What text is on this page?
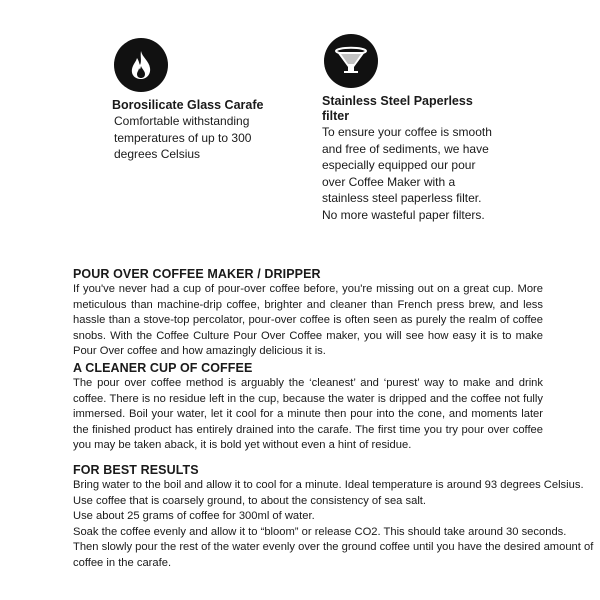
Borosilicate Glass Carafe
Comfortable withstanding temperatures of up to 300 degrees Celsius
Stainless Steel Paperless filter
To ensure your coffee is smooth and free of sediments, we have especially equipped our pour over Coffee Maker with a stainless steel paperless filter. No more wasteful paper filters.
POUR OVER COFFEE MAKER / DRIPPER

If you've never had a cup of pour-over coffee before, you're missing out on a great cup. More meticulous than machine-drip coffee, brighter and cleaner than French press brew, and less hassle than a stove-top percolator, pour-over coffee is often seen as purely the realm of coffee snobs. With the Coffee Culture Pour Over Coffee maker, you will see how easy it is to make Pour Over coffee and how amazingly delicious it is.

A CLEANER CUP OF COFFEE

The pour over coffee method is arguably the ‘cleanest’ and ‘purest’ way to make and drink coffee. There is no residue left in the cup, because the water is dripped and the coffee not fully immersed. Boil your water, let it cool for a minute then pour into the cone, and moments later the finished product has entirely drained into the carafe. The first time you try pour over coffee you may be taken aback, it is bold yet without even a hint of residue.

FOR BEST RESULTS
Bring water to the boil and allow it to cool for a minute. Ideal temperature is around 93 degrees Celsius.
Use coffee that is coarsely ground, to about the consistency of sea salt.
Use about 25 grams of coffee for 300ml of water.
Soak the coffee evenly and allow it to “bloom” or release CO2. This should take around 30 seconds.
Then slowly pour the rest of the water evenly over the ground coffee until you have the desired amount of
coffee in the carafe.
